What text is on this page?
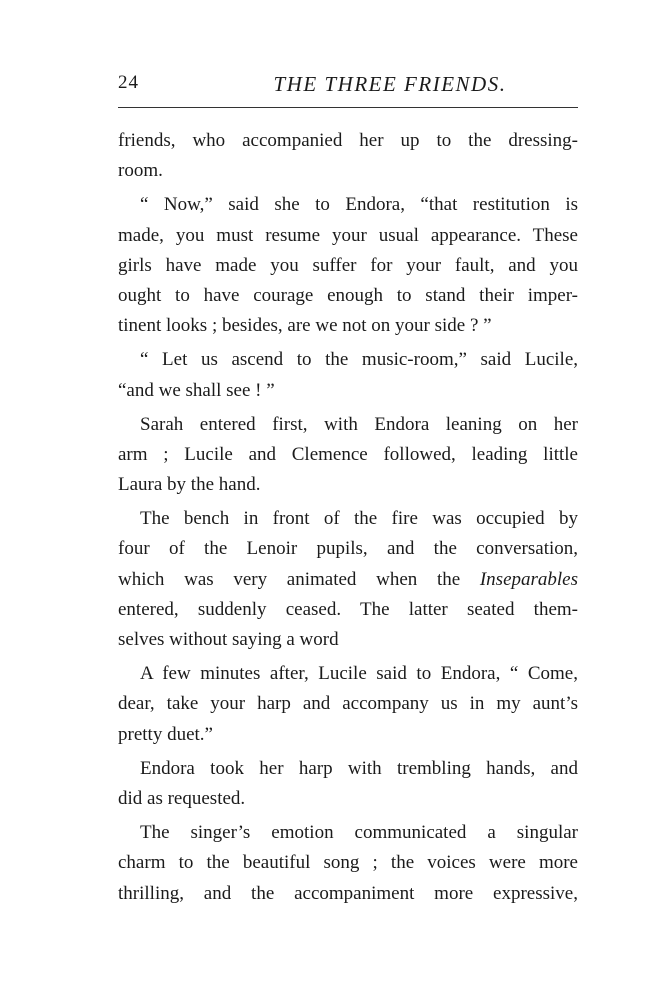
24	THE THREE FRIENDS.
friends, who accompanied her up to the dressing-
room.
“ Now,” said she to Endora, “that restitution is
made, you must resume your usual appearance. These
girls have made you suffer for your fault, and you
ought to have courage enough to stand their imper-
tinent looks ; besides, are we not on your side ? ”
“ Let us ascend to the music-room,” said Lucile,
“and we shall see ! ”
Sarah entered first, with Endora leaning on her
arm ; Lucile and Clemence followed, leading little
Laura by the hand.
The bench in front of the fire was occupied by
four of the Lenoir pupils, and the conversation,
which was very animated when the Inseparables
entered, suddenly ceased. The latter seated them-
selves without saying a word
A few minutes after, Lucile said to Endora, “ Come,
dear, take your harp and accompany us in my aunt’s
pretty duet.”
Endora took her harp with trembling hands, and
did as requested.
The singer’s emotion communicated a singular
charm to the beautiful song ; the voices were more
thrilling, and the accompaniment more expressive,
